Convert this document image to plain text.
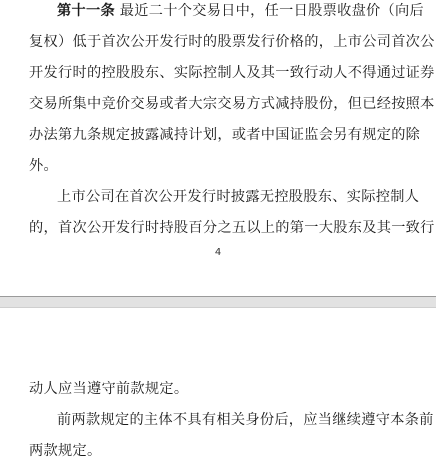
第十一条 最近二十个交易日中，任一日股票收盘价（向后
复权）低于首次公开发行时的股票发行价格的，上市公司首次公
开发行时的控股股东、实际控制人及其一致行动人不得通过证券
交易所集中竞价交易或者大宗交易方式减持股份，但已经按照本
办法第九条规定披露减持计划，或者中国证监会另有规定的除
外。
上市公司在首次公开发行时披露无控股股东、实际控制人
的，首次公开发行时持股百分之五以上的第一大股东及其一致行
4
动人应当遵守前款规定。
前两款规定的主体不具有相关身份后，应当继续遵守本条前
两款规定。
